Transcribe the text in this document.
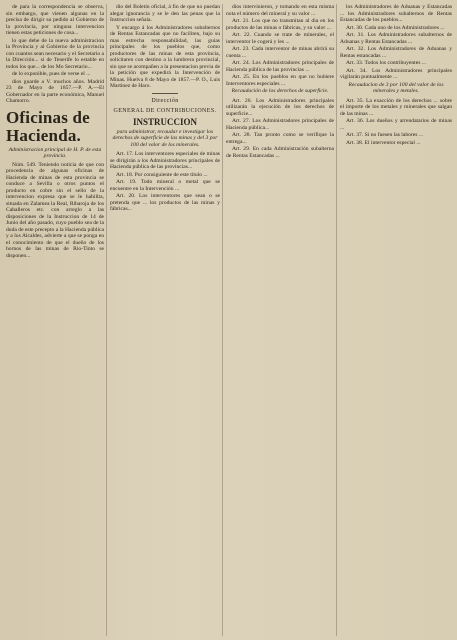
de para la correspondencia se observa, sin embargo, que vienen algunas en la precisa de dirigir su pedido al Gobierno de la provincia, por ninguna intervencion tienen estas peticiones de cosa...

lo que debe de la nueva administracion la Provincia y al Gobierno de la provincia con cuantos sean necesario y el Secretario a la Dirección... si de Tenerife lo estable en todos los que... de los Mo Secretario...

de lo exponible, pues de verse el ...

dios guarde a V. muchos años. Madrid 23 de Mayo de 1857.—P. A.—El Gobernador en la parte económica, Manuel Chamorro.

Oficinas de Hacienda.
Administracion principal de H. P. de esta provincia.

Núm. 549. Teniendo noticia de que con procedencia de algunas oficinas de Hacienda de minas de esta provincia se conduce a Sevilla o otros puntos el producto en cobre sin el sello de la intervencion expresa que se le habilita, situada en Zalamea la Real, Ribaroja de los Caballeros etc. con arreglo a las disposiciones de la Instruccion de 14 de Junio del año pasado, cuyo pueblo sea de la duda de este precepto a la Hacienda pública y a los Alcaldes, advierte a que se ponga en el conocimiento de que el dueño de los hornos de las minas de Rio-Tinto se disponen...

dio del Boletín oficial, á fin de que no puedan alegar ignorancia y se le den las penas que la Instruccion señala.

Y encargo á los Administradores subalternos de Rentas Estancadas que no faciliten, bajo su mas estrecha responsabilidad, las guias principales de los pueblos que, como productores de las minas de esta provincia, solicitaren con destino a la lumbrera provincial, sin que se acompañen a la presentacion previa de la petición que expedirá la Intervención de Minas. Huelva 8 de Mayo de 1857.—P. O., Luis Martinez de Haro.

Dirección
GENERAL DE CONTRIBUCIONES.
INSTRUCCION
para administrar, recaudar e investigar los derechos de superficie de las minas y del 3 por 100 del valor de los minerales.

Art. 17. Los interventores especiales de minas se dirigirán a los Administradores principales de Hacienda pública de las provincias...

Art. 18. Por consiguiente de este título ...

Art. 19. Todo mineral o metal que se encuentre en la Intervención ...

Art. 20. Los interventores que sean o se pretenda que ... los productos de las minas y fábricas...

dios intervinieron, y tomando en esta misma nota el número del mineral y su valor ...

Art. 21. Los que no transmitan al dia en los productos de las minas o fábricas, y su valor ...

Art. 22. Cuando se trate de minerales, el interventor le cogerá y les ...

Art. 23. Cada interventor de minas abrirá su cuenta ...

Art. 24. Los Administradores principales de Hacienda pública de las provincias ...

Art. 25. En los pueblos en que no hubiere Interventores especiales ...

Recaudación de los derechos de superficie.

Art. 26. Los Administradores principales utilizarán la ejecución de los derechos de superficie...

Art. 27. Los Administradores principales de Hacienda pública...

Art. 28. Tan pronto como se verifique la entrega...

Art. 29. En cada Administración subalterna de Rentas Estancadas ...

los Administradores de Aduanas y Estancadas ... los Administradores subalternos de Rentas Estancadas de los pueblos...

Art. 30. Cada uno de los Administradores ...

Art. 31. Los Administradores subalternos de Aduanas y Rentas Estancadas ...

Art. 32. Los Administradores de Aduanas y Rentas estancadas ...

Art. 33. Todos los contribuyentes ...

Art. 34. Los Administradores principales vigilarán puntualmente ...

Recaudacion de 3 por 100 del valor de los minerales y metales.

Art. 35. La exacción de los derechos ... sobre el importe de los metales y minerales que salgan de las minas ...

Art. 36. Los dueños y arrendatarios de minas ...

Art. 37. Si no fuesen las labores ...

Art. 38. El interventor especial ...
